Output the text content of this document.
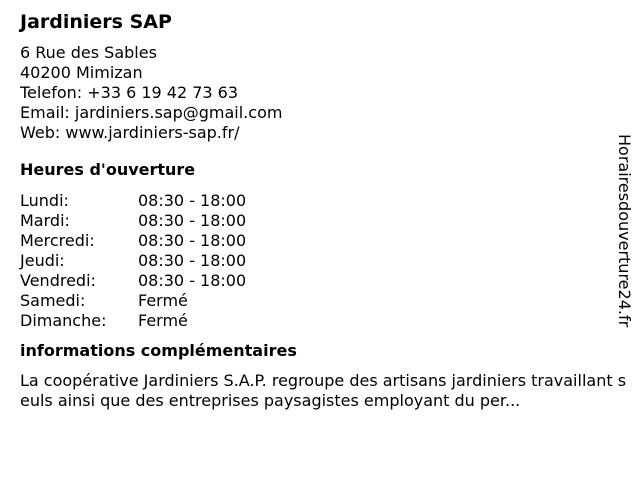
Jardiniers SAP
6 Rue des Sables
40200 Mimizan
Telefon: +33 6 19 42 73 63
Email: jardiniers.sap@gmail.com
Web: www.jardiniers-sap.fr/
Heures d'ouverture
Lundi:	08:30 - 18:00
Mardi:	08:30 - 18:00
Mercredi:	08:30 - 18:00
Jeudi:	08:30 - 18:00
Vendredi:	08:30 - 18:00
Samedi:	Fermé
Dimanche:	Fermé
informations complémentaires
La coopérative Jardiniers S.A.P. regroupe des artisans jardiniers travaillant seuls ainsi que des entreprises paysagistes employant du per...
Horairesdouverture24.fr
